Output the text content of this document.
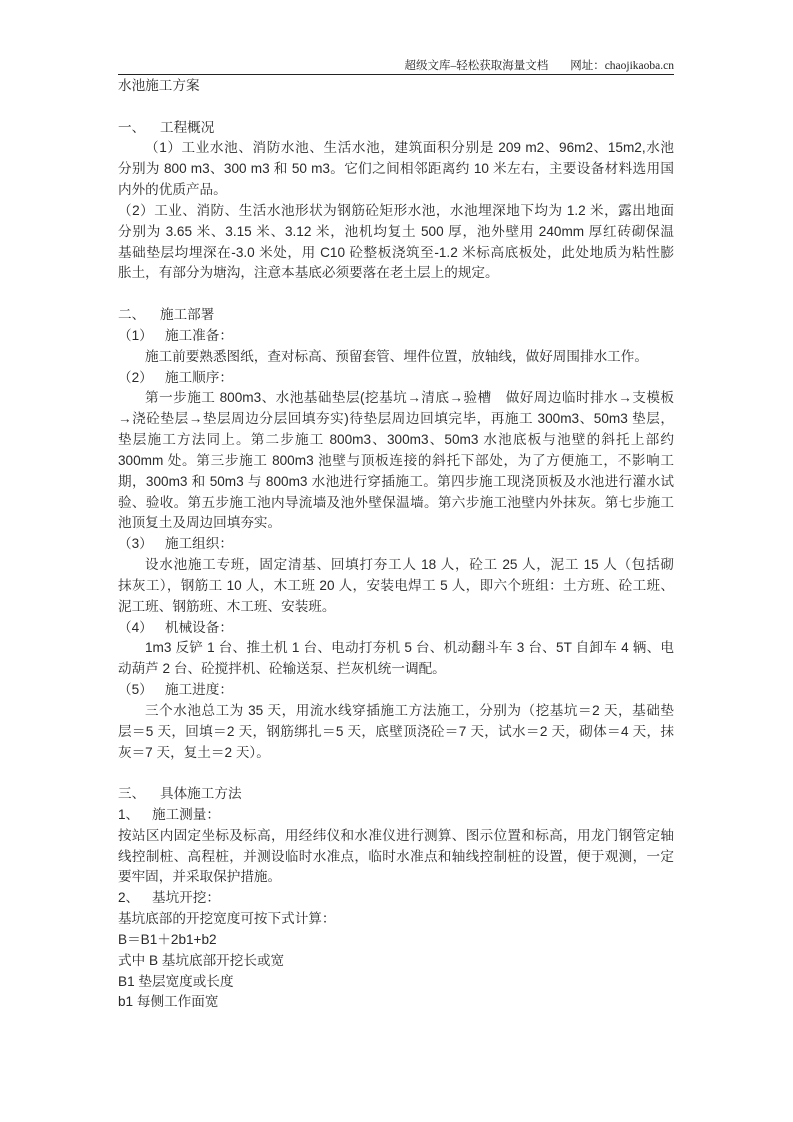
超级文库–轻松获取海量文档 网址：chaojikaoba.cn
水池施工方案
一、 工程概况
（1）工业水池、消防水池、生活水池，建筑面积分别是 209 m2、96m2、15m2,水池
分别为 800 m3、300 m3 和 50 m3。它们之间相邻距离约 10 米左右，主要设备材料选用国
内外的优质产品。
（2）工业、消防、生活水池形状为钢筋砼矩形水池，水池埋深地下均为 1.2 米，露出地面
分别为 3.65 米、3.15 米、3.12 米，池机均复土 500 厚，池外壁用 240mm 厚红砖砌保温
基础垫层均埋深在-3.0 米处，用 C10 砼整板浇筑至-1.2 米标高底板处，此处地质为粘性膨
胀土，有部分为塘沟，注意本基底必须要落在老土层上的规定。
二、 施工部署
（1） 施工准备：
施工前要熟悉图纸，查对标高、预留套管、埋件位置，放轴线，做好周围排水工作。
（2） 施工顺序：
第一步施工 800m3、水池基础垫层(挖基坑→清底→验槽　做好周边临时排水→支模板
→浇砼垫层→垫层周边分层回填夯实)待垫层周边回填完毕，再施工 300m3、50m3 垫层，
垫层施工方法同上。第二步施工 800m3、300m3、50m3 水池底板与池壁的斜托上部约
300mm 处。第三步施工 800m3 池壁与顶板连接的斜托下部处，为了方便施工，不影响工
期，300m3 和 50m3 与 800m3 水池进行穿插施工。第四步施工现浇顶板及水池进行灌水试
验、验收。第五步施工池内导流墙及池外壁保温墙。第六步施工池壁内外抹灰。第七步施工
池顶复土及周边回填夯实。
（3） 施工组织：
设水池施工专班，固定清基、回填打夯工人 18 人，砼工 25 人，泥工 15 人（包括砌
抹灰工），钢筋工 10 人，木工班 20 人，安装电焊工 5 人，即六个班组：土方班、砼工班、
泥工班、钢筋班、木工班、安装班。
（4） 机械设备：
1m3 反铲 1 台、推土机 1 台、电动打夯机 5 台、机动翻斗车 3 台、5T 自卸车 4 辆、电
动葫芦 2 台、砼搅拌机、砼输送泵、拦灰机统一调配。
（5） 施工进度：
三个水池总工为 35 天，用流水线穿插施工方法施工，分别为（挖基坑＝2 天，基础垫
层＝5 天，回填＝2 天，钢筋绑扎＝5 天，底壁顶浇砼＝7 天，试水＝2 天，砌体＝4 天，抹
灰＝7 天，复土＝2 天）。
三、 具体施工方法
1、 施工测量：
按站区内固定坐标及标高，用经纬仪和水准仪进行测算、图示位置和标高，用龙门钢管定轴
线控制桩、高程桩，并测设临时水准点，临时水准点和轴线控制桩的设置，便于观测，一定
要牢固，并采取保护措施。
2、 基坑开挖：
基坑底部的开挖宽度可按下式计算：
B＝B1＋2b1+b2
式中 B 基坑底部开挖长或宽
B1 垫层宽度或长度
b1 每侧工作面宽
